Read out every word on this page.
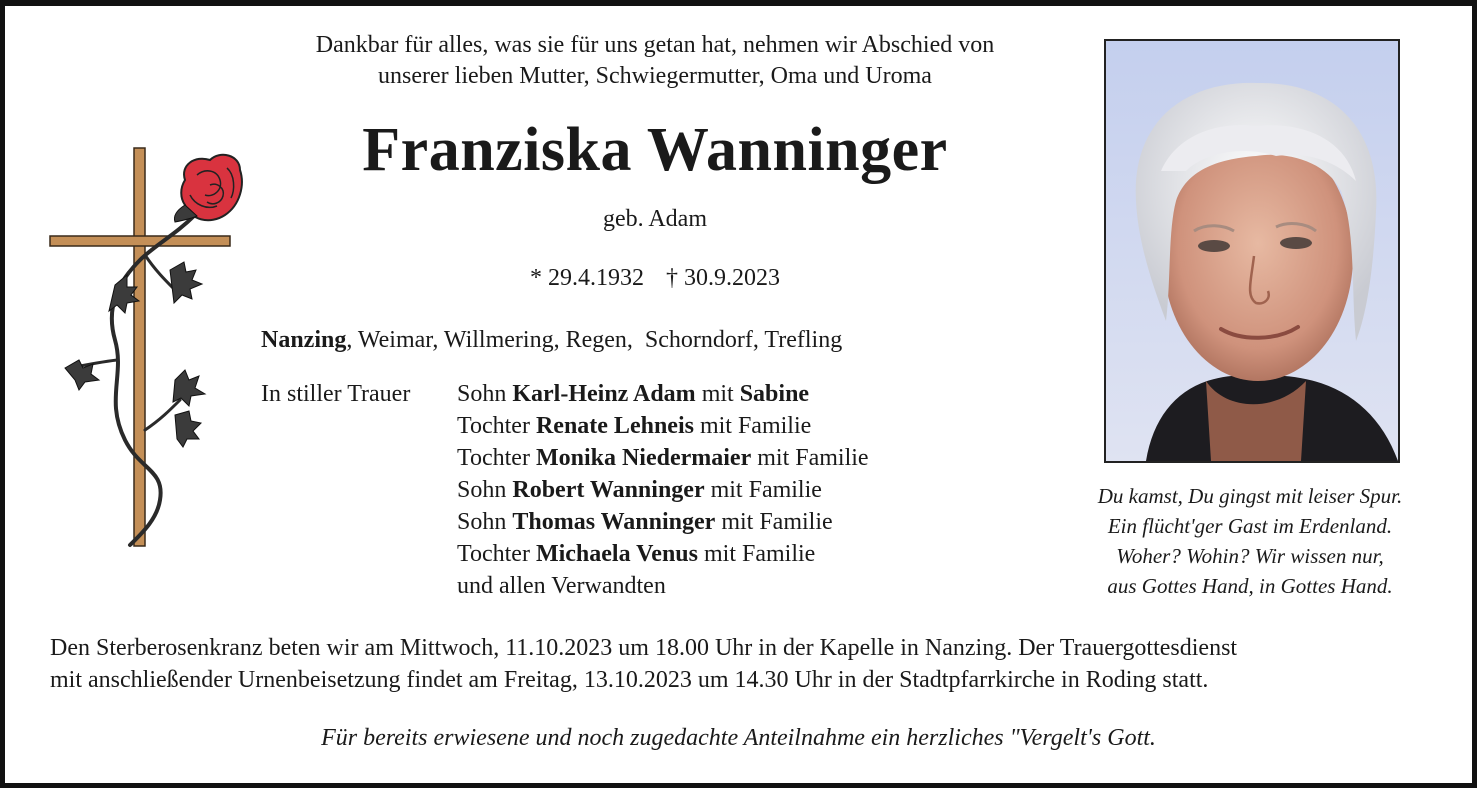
Dankbar für alles, was sie für uns getan hat, nehmen wir Abschied von
unserer lieben Mutter, Schwiegermutter, Oma und Uroma
Franziska Wanninger
geb. Adam
* 29.4.1932 † 30.9.2023
Nanzing, Weimar, Willmering, Regen,  Schorndorf, Trefling
In stiller Trauer Sohn Karl-Heinz Adam mit Sabine
Tochter Renate Lehneis mit Familie
Tochter Monika Niedermaier mit Familie
Sohn Robert Wanninger mit Familie
Sohn Thomas Wanninger mit Familie
Tochter Michaela Venus mit Familie
und allen Verwandten
Du kamst, Du gingst mit leiser Spur.
Ein flücht'ger Gast im Erdenland.
Woher? Wohin? Wir wissen nur,
aus Gottes Hand, in Gottes Hand.
Den Sterberosenkranz beten wir am Mittwoch, 11.10.2023 um 18.00 Uhr in der Kapelle in Nanzing. Der Trauergottesdienst
mit anschließender Urnenbeisetzung findet am Freitag, 13.10.2023 um 14.30 Uhr in der Stadtpfarrkirche in Roding statt.
Für bereits erwiesene und noch zugedachte Anteilnahme ein herzliches "Vergelt's Gott.
